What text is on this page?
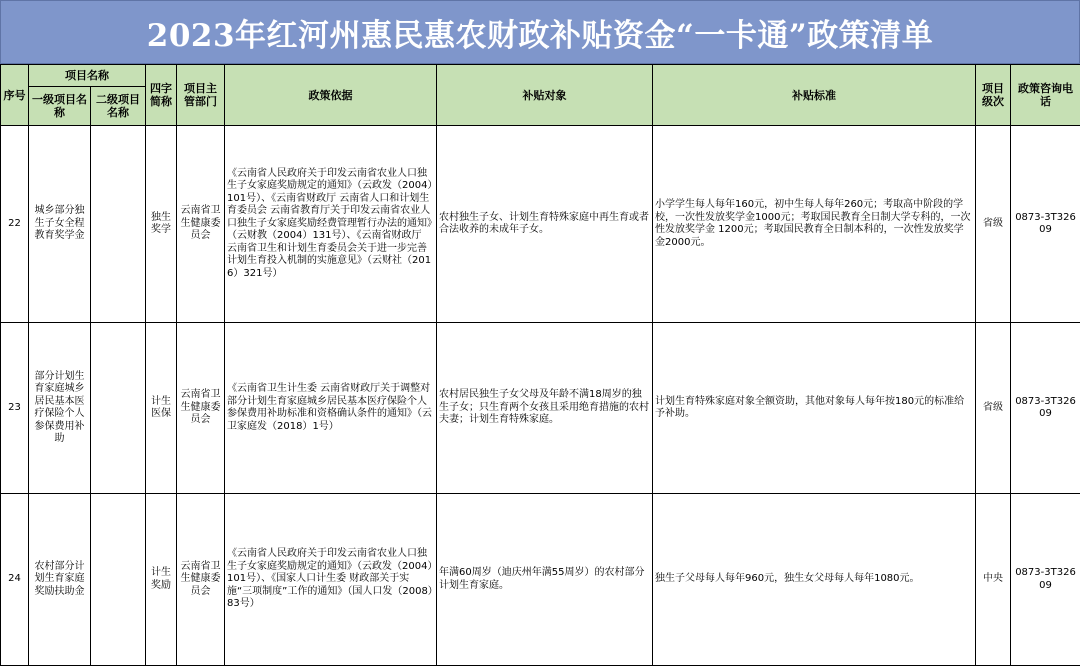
2023年红河州惠民惠农财政补贴资金“一卡通”政策清单
序号	项目名称		四字简称	项目主管部门	政策依据	补贴对象	补贴标准	项目级次	政策咨询电话
	一级项目名称	二级项目名称							
22	城乡部分独生子女全程教育奖学金		独生奖学	云南省卫生健康委员会	《云南省人民政府关于印发云南省农业人口独生子女家庭奖励规定的通知》（云政发（2004）101号）、《云南省财政厅 云南省人口和计划生育委员会 云南省教育厅关于印发云南省农业人口独生子女家庭奖励经费管理暂行办法的通知》（云财教（2004）131号）、《云南省财政厅 云南省卫生和计划生育委员会关于进一步完善计划生育投入机制的实施意见》（云财社（2016）321号）	农村独生子女、计划生育特殊家庭中再生育或者合法收养的未成年子女。	小学学生每人每年160元，初中生每人每年260元；考取高中阶段的学校，一次性发放奖学金1000元；考取国民教育全日制大学专科的，一次性发放奖学金 1200元；考取国民教育全日制本科的，一次性发放奖学金2000元。	省级	0873-3T32609
23	部分计划生育家庭城乡居民基本医疗保险个人参保费用补助		计生医保	云南省卫生健康委员会	《云南省卫生计生委 云南省财政厅关于调整对部分计划生育家庭城乡居民基本医疗保险个人参保费用补助标准和资格确认条件的通知》（云卫家庭发（2018）1号）	农村居民独生子女父母及年龄不满18周岁的独生子女；只生育两个女孩且采用绝育措施的农村夫妻；计划生育特殊家庭。	计划生育特殊家庭对象全额资助，其他对象每人每年按180元的标准给予补助。	省级	0873-3T32609
24	农村部分计划生育家庭奖励扶助金		计生奖励	云南省卫生健康委员会	《云南省人民政府关于印发云南省农业人口独生子女家庭奖励规定的通知》（云政发（2004）101号）、《国家人口计生委 财政部关于实施“三项制度”工作的通知》（国人口发（2008）83号）	年满60周岁（迪庆州年满55周岁）的农村部分计划生育家庭。	独生子父母每人每年960元，独生女父母每人每年1080元。	中央	0873-3T32609
